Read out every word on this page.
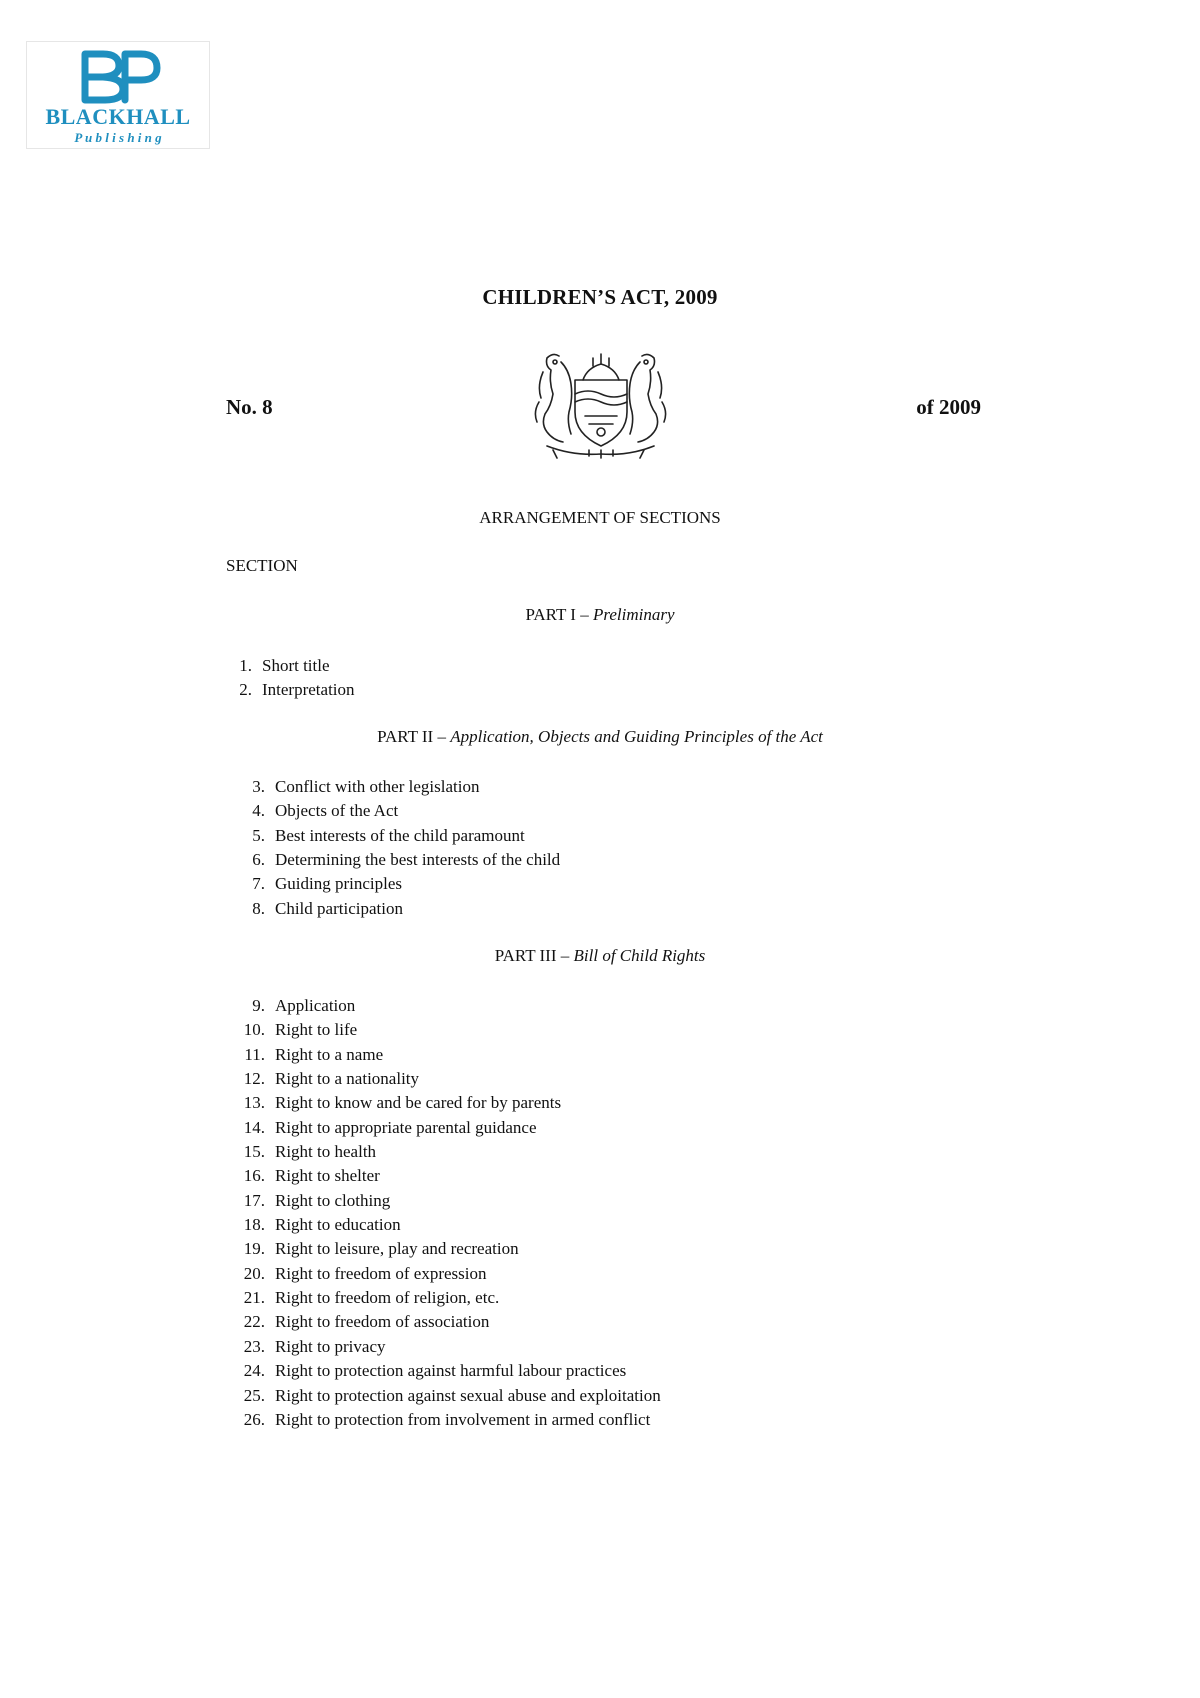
BLACKHALL
P u b l i s h i n g
CHILDREN’S ACT, 2009
No. 8	of 2009
ARRANGEMENT OF SECTIONS
SECTION
PART I – Preliminary
1. Short title
2. Interpretation
PART II – Application, Objects and Guiding Principles of the Act
3. Conflict with other legislation
4. Objects of the Act
5. Best interests of the child paramount
6. Determining the best interests of the child
7. Guiding principles
8. Child participation
PART III – Bill of Child Rights
9. Application
10. Right to life
11. Right to a name
12. Right to a nationality
13. Right to know and be cared for by parents
14. Right to appropriate parental guidance
15. Right to health
16. Right to shelter
17. Right to clothing
18. Right to education
19. Right to leisure, play and recreation
20. Right to freedom of expression
21. Right to freedom of religion, etc.
22. Right to freedom of association
23. Right to privacy
24. Right to protection against harmful labour practices
25. Right to protection against sexual abuse and exploitation
26. Right to protection from involvement in armed conflict
